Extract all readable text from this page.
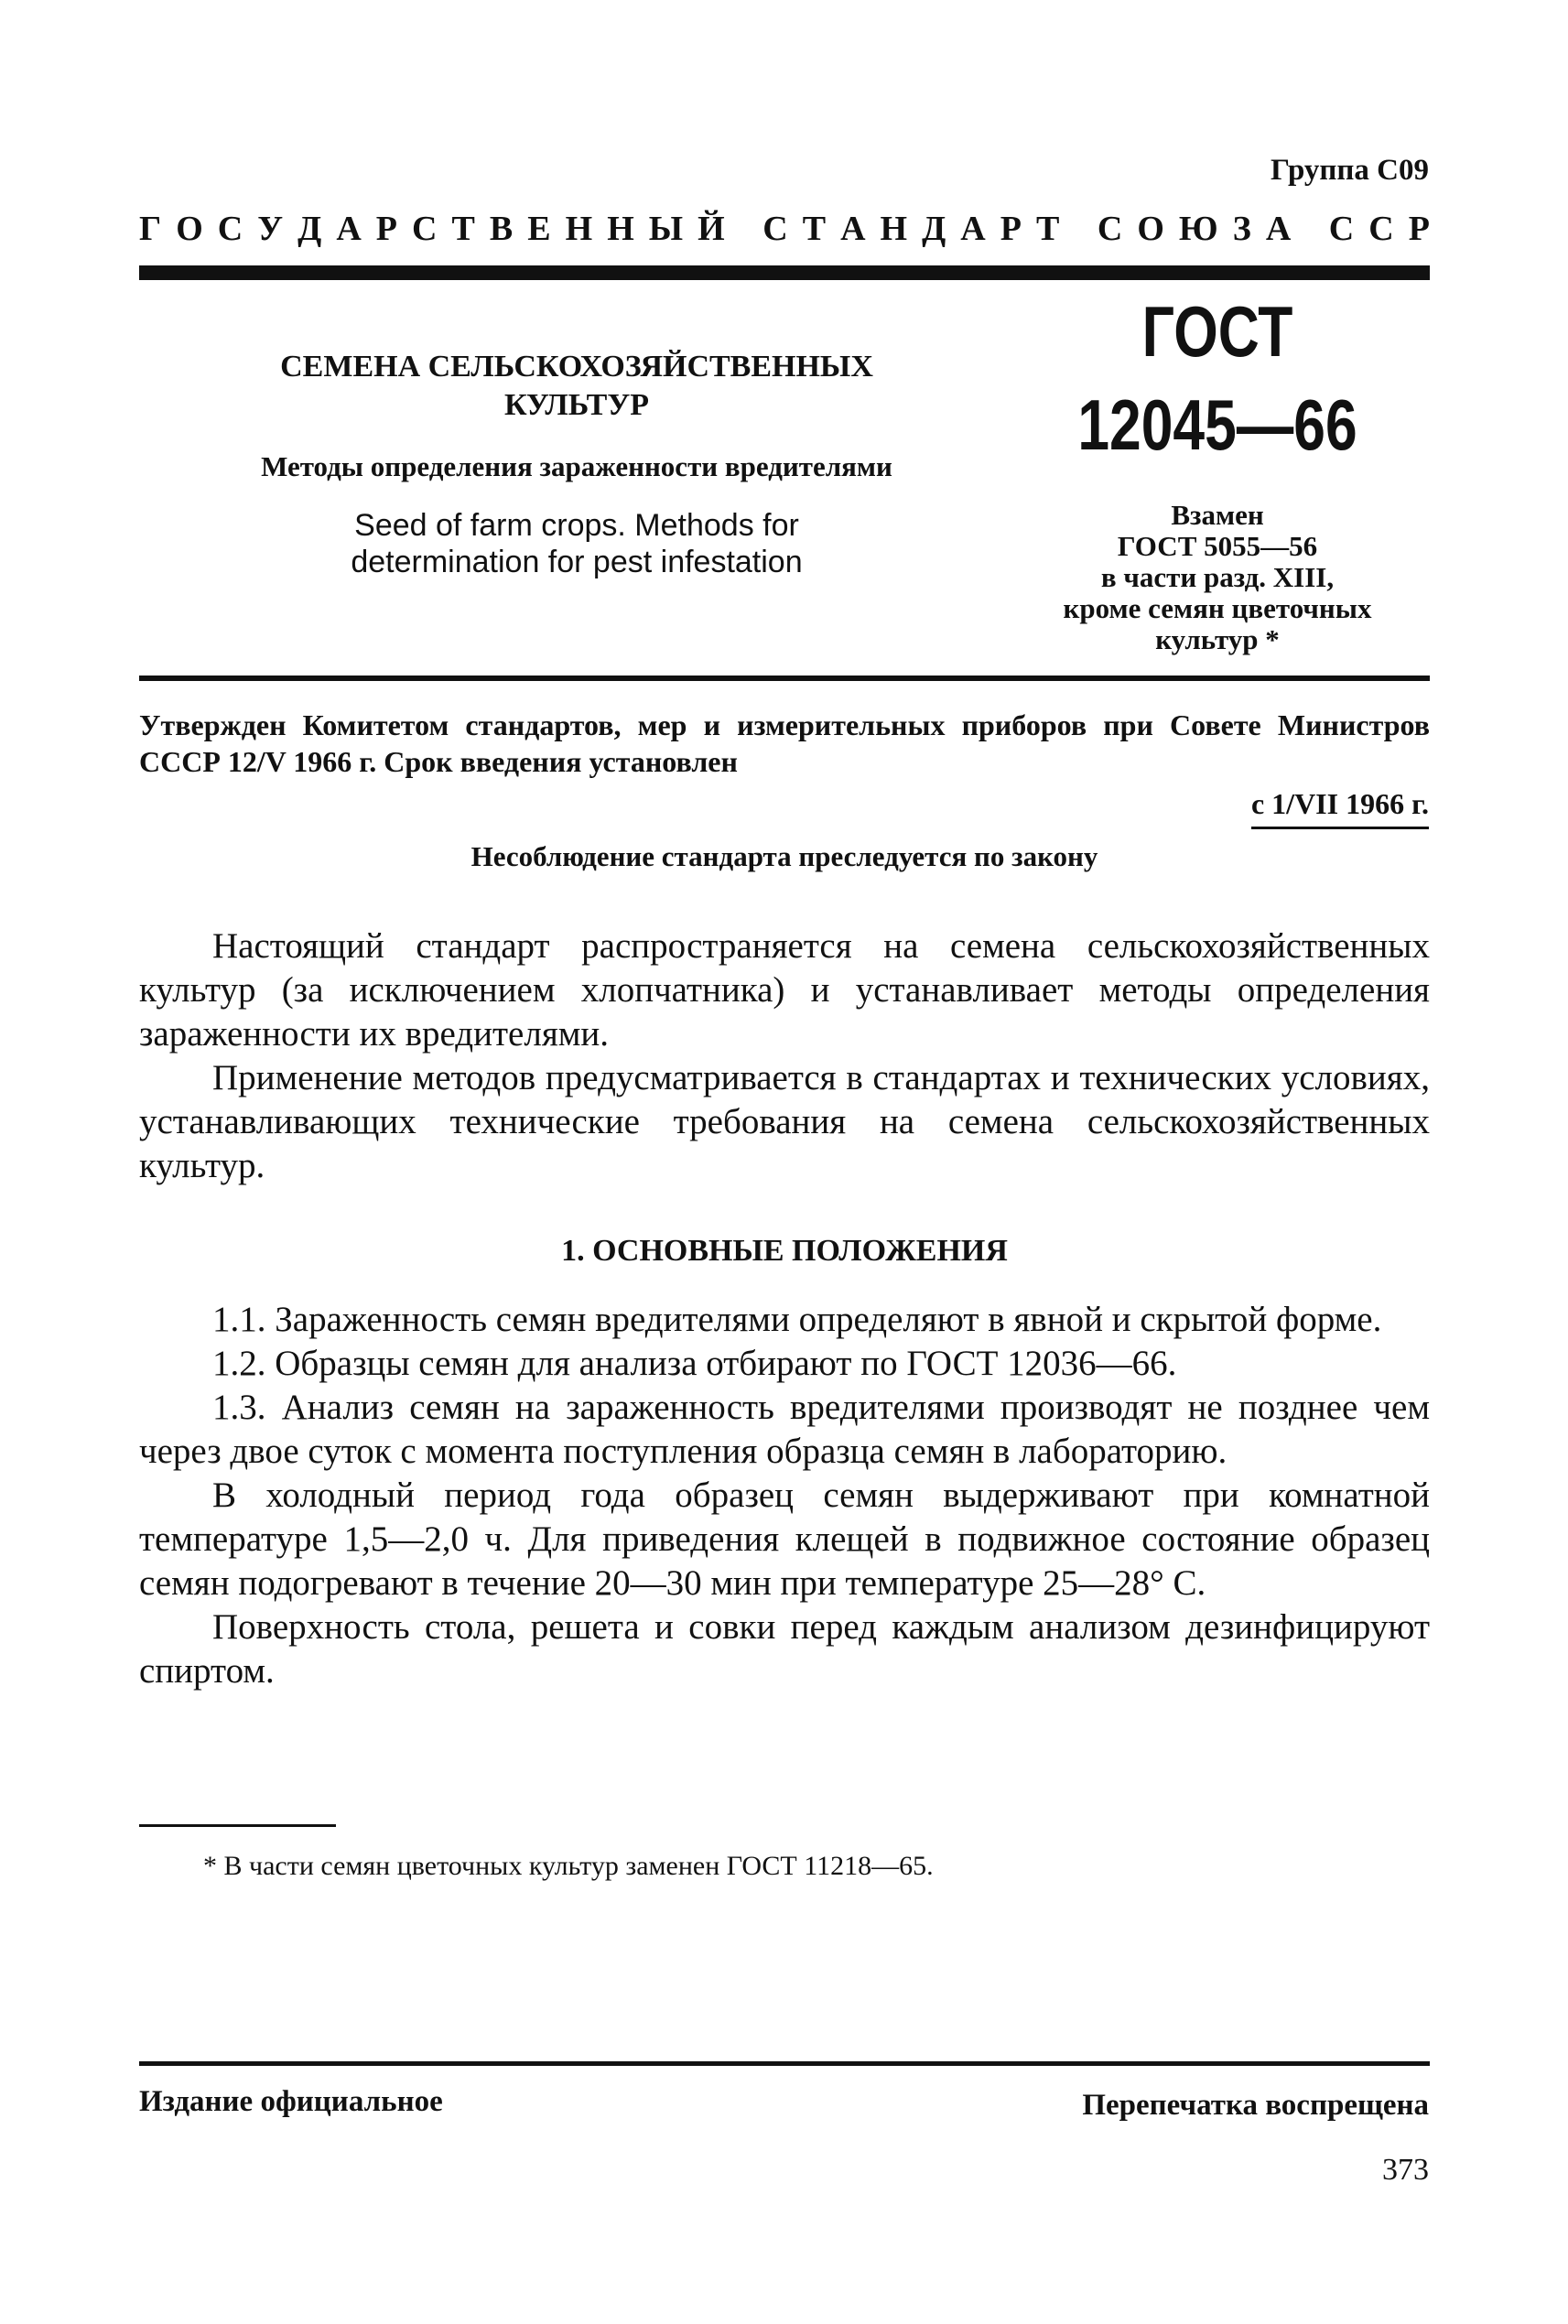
Группа С09
Г О С У Д А Р С Т В Е Н Н Ы Й
С Т А Н Д А Р Т
С О Ю З А
С С Р
СЕМЕНА СЕЛЬСКОХОЗЯЙСТВЕННЫХ
КУЛЬТУР
Методы определения зараженности вредителями
Seed of farm crops. Methods for
determination for pest infestation
ГОСТ
12045—66
Взамен
ГОСТ 5055—56
в части разд. XIII,
кроме семян цветочных
культур *
Утвержден Комитетом стандартов, мер и измерительных приборов при Совете Министров СССР 12/V 1966 г. Срок введения установлен
с 1/VII 1966 г.
Несоблюдение стандарта преследуется по закону

Настоящий стандарт распространяется на семена сельскохозяйственных культур (за исключением хлопчатника) и устанавливает методы определения зараженности их вредителями.

Применение методов предусматривается в стандартах и технических условиях, устанавливающих технические требования на семена сельскохозяйственных культур.

1. ОСНОВНЫЕ ПОЛОЖЕНИЯ

1.1. Зараженность семян вредителями определяют в явной и скрытой форме.

1.2. Образцы семян для анализа отбирают по ГОСТ 12036—66.

1.3. Анализ семян на зараженность вредителями производят не позднее чем через двое суток с момента поступления образца семян в лабораторию.

В холодный период года образец семян выдерживают при комнатной температуре 1,5—2,0 ч. Для приведения клещей в подвижное состояние образец семян подогревают в течение 20—30 мин при температуре 25—28° С.

Поверхность стола, решета и совки перед каждым анализом дезинфицируют спиртом.

* В части семян цветочных культур заменен ГОСТ 11218—65.
Издание официальное	Перепечатка воспрещена
373
